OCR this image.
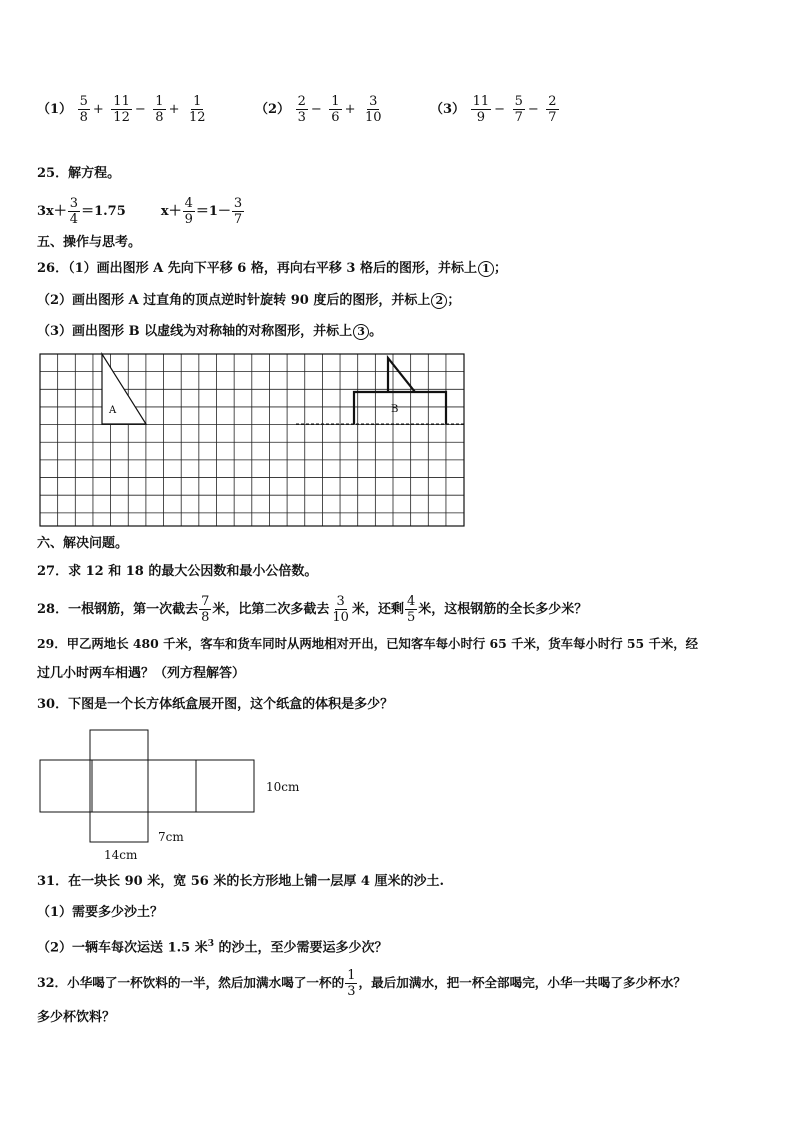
$(1) \frac{5}{8} + \frac{11}{12} - \frac{1}{8} + \frac{1}{12}$	$(2) \frac{2}{3} - \frac{1}{6} + \frac{3}{10}$	$(3) \frac{11}{9} - \frac{5}{7} - \frac{2}{7}$
25．解方程。
$3x+ \frac{3}{4} =1.75$	$x+ \frac{4}{9} =1- \frac{3}{7}$
五、操作与思考。
26．（1）画出图形 A 先向下平移 6 格，再向右平移 3 格后的图形，并标上 1 ；
（2）画出图形 A 过直角的顶点逆时针旋转 90 度后的图形，并标上 2 ；
（3）画出图形 B 以虚线为对称轴的对称图形，并标上 3 。
A	B
六、解决问题。
27．求 12 和 18 的最大公因数和最小公倍数。
28．一根钢筋，第一次截去 $\frac{7}{8}$ 米，比第二次多截去 $\frac{3}{10}$ 米，还剩 $\frac{4}{5}$ 米，这根钢筋的全长多少米？
29．甲乙两地长 480 千米，客车和货车同时从两地相对开出，已知客车每小时行 65 千米，货车每小时行 55 千米，经
过几小时两车相遇？（列方程解答）
30．下图是一个长方体纸盒展开图，这个纸盒的体积是多少？
10cm
7cm
14cm
31．在一块长 90 米，宽 56 米的长方形地上铺一层厚 4 厘米的沙土.
（1）需要多少沙土？
（2）一辆车每次运送 1.5 米$^3$ 的沙土，至少需要运多少次？
32．小华喝了一杯饮料的一半，然后加满水喝了一杯的 $\frac{1}{3}$ ，最后加满水，把一杯全部喝完，小华一共喝了多少杯水？
多少杯饮料？
